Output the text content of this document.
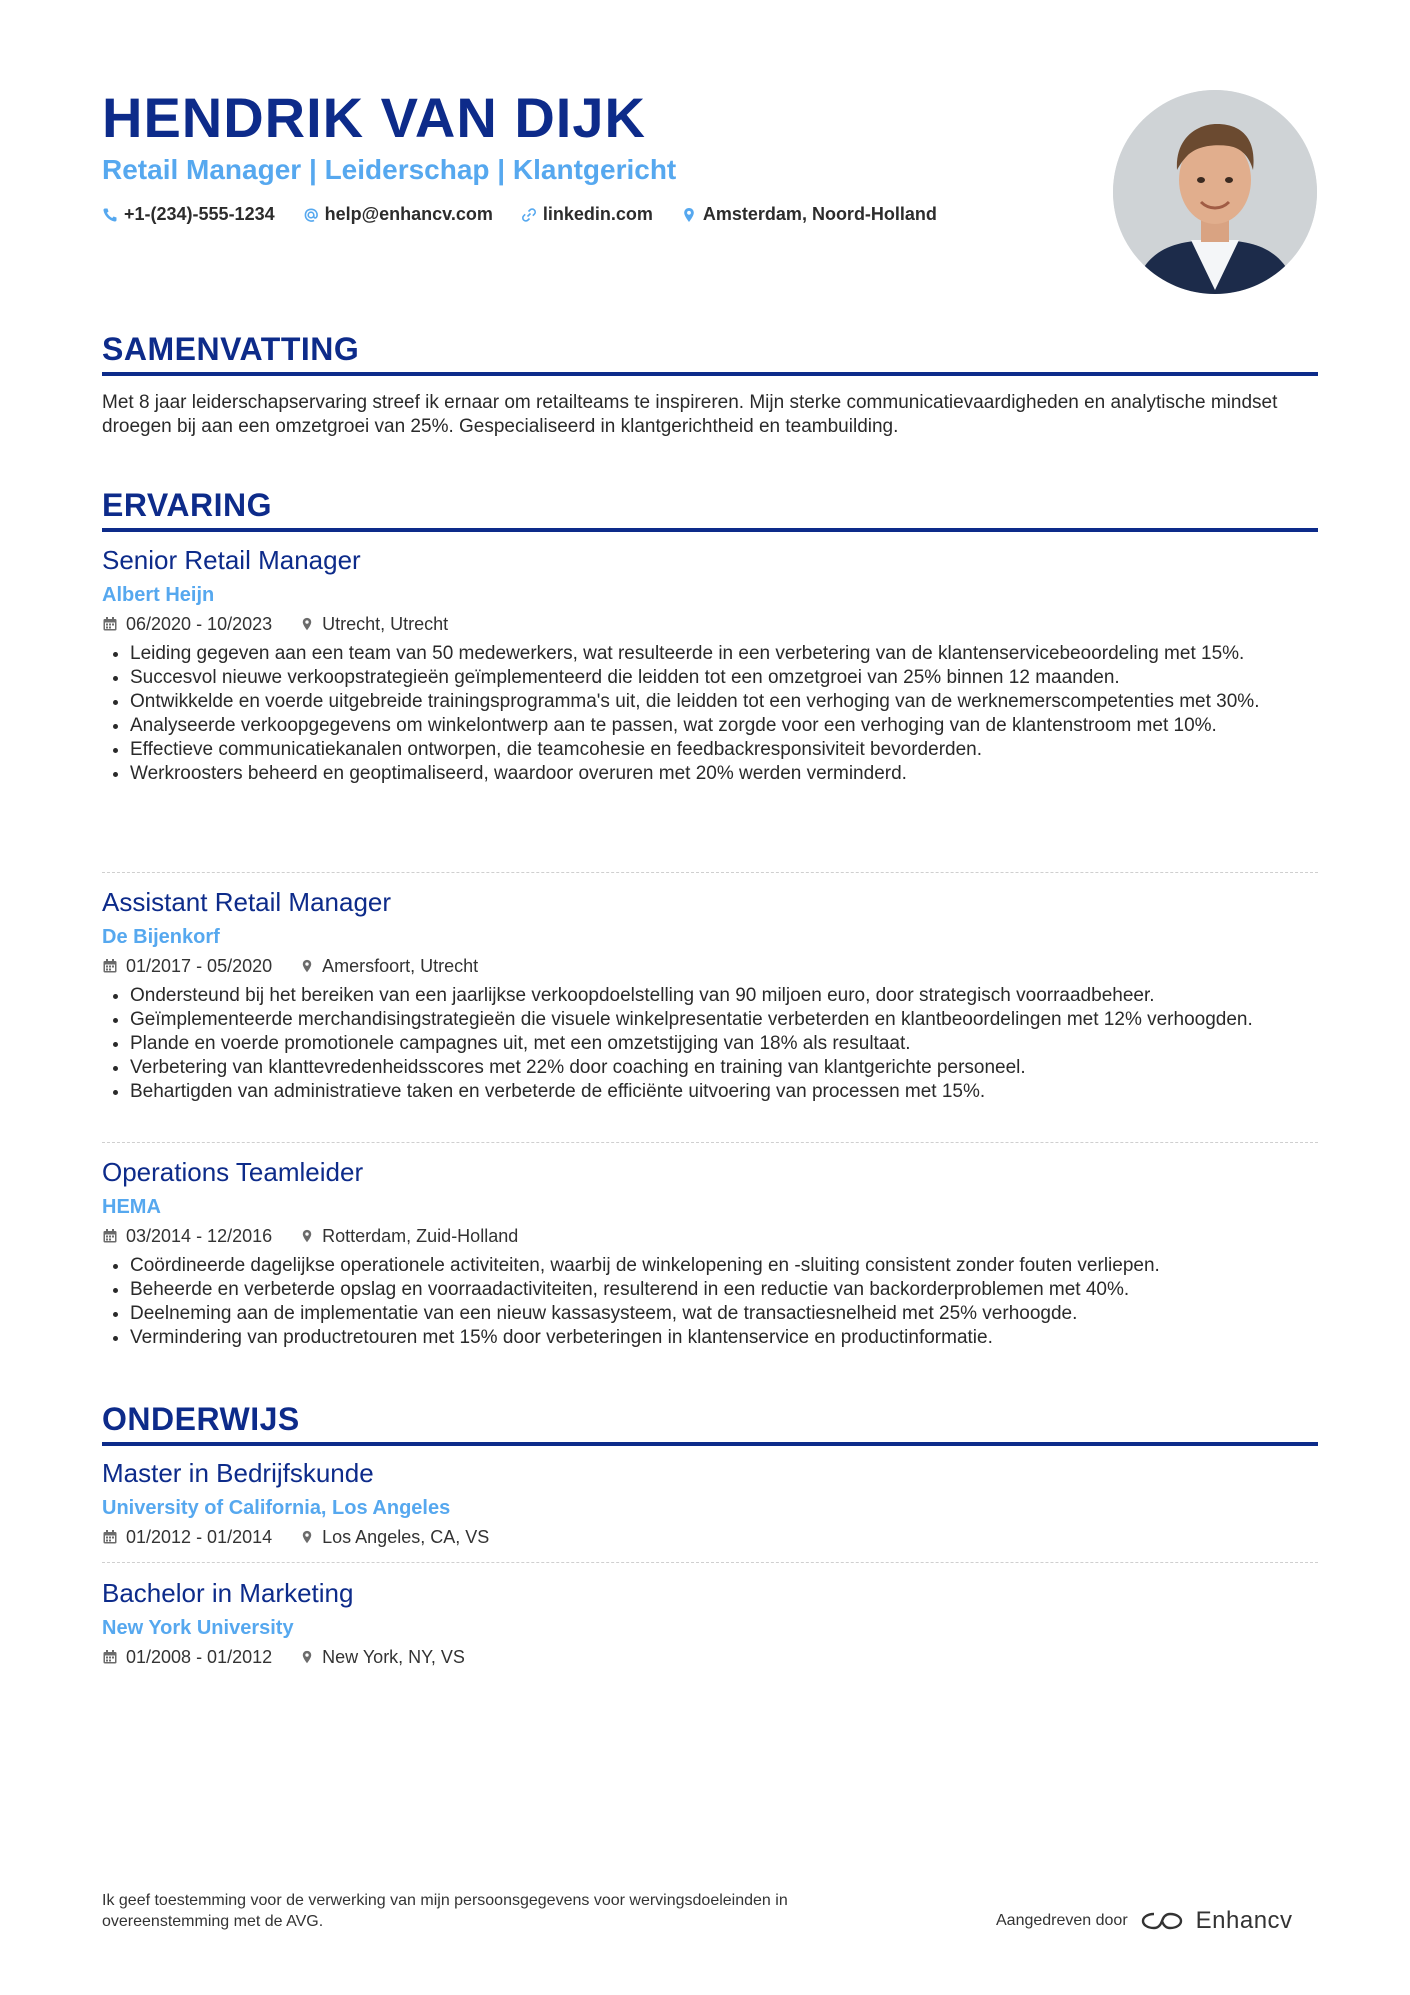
HENDRIK VAN DIJK
Retail Manager | Leiderschap | Klantgericht
+1-(234)-555-1234	help@enhancv.com	linkedin.com	Amsterdam, Noord-Holland
SAMENVATTING
Met 8 jaar leiderschapservaring streef ik ernaar om retailteams te inspireren. Mijn sterke communicatievaardigheden en analytische mindset droegen bij aan een omzetgroei van 25%. Gespecialiseerd in klantgerichtheid en teambuilding.
ERVARING
Senior Retail Manager
Albert Heijn
06/2020 - 10/2023	Utrecht, Utrecht
• Leiding gegeven aan een team van 50 medewerkers, wat resulteerde in een verbetering van de klantenservicebeoordeling met 15%.
• Succesvol nieuwe verkoopstrategieën geïmplementeerd die leidden tot een omzetgroei van 25% binnen 12 maanden.
• Ontwikkelde en voerde uitgebreide trainingsprogramma's uit, die leidden tot een verhoging van de werknemerscompetenties met 30%.
• Analyseerde verkoopgegevens om winkelontwerp aan te passen, wat zorgde voor een verhoging van de klantenstroom met 10%.
• Effectieve communicatiekanalen ontworpen, die teamcohesie en feedbackresponsiviteit bevorderden.
• Werkroosters beheerd en geoptimaliseerd, waardoor overuren met 20% werden verminderd.
Assistant Retail Manager
De Bijenkorf
01/2017 - 05/2020	Amersfoort, Utrecht
• Ondersteund bij het bereiken van een jaarlijkse verkoopdoelstelling van 90 miljoen euro, door strategisch voorraadbeheer.
• Geïmplementeerde merchandisingstrategieën die visuele winkelpresentatie verbeterden en klantbeoordelingen met 12% verhoogden.
• Plande en voerde promotionele campagnes uit, met een omzetstijging van 18% als resultaat.
• Verbetering van klanttevredenheidsscores met 22% door coaching en training van klantgerichte personeel.
• Behartigden van administratieve taken en verbeterde de efficiënte uitvoering van processen met 15%.
Operations Teamleider
HEMA
03/2014 - 12/2016	Rotterdam, Zuid-Holland
• Coördineerde dagelijkse operationele activiteiten, waarbij de winkelopening en -sluiting consistent zonder fouten verliepen.
• Beheerde en verbeterde opslag en voorraadactiviteiten, resulterend in een reductie van backorderproblemen met 40%.
• Deelneming aan de implementatie van een nieuw kassasysteem, wat de transactiesnelheid met 25% verhoogde.
• Vermindering van productretouren met 15% door verbeteringen in klantenservice en productinformatie.
ONDERWIJS
Master in Bedrijfskunde
University of California, Los Angeles
01/2012 - 01/2014	Los Angeles, CA, VS
Bachelor in Marketing
New York University
01/2008 - 01/2012	New York, NY, VS
Ik geef toestemming voor de verwerking van mijn persoonsgegevens voor wervingsdoeleinden in overeenstemming met de AVG.	Aangedreven door	Enhancv
